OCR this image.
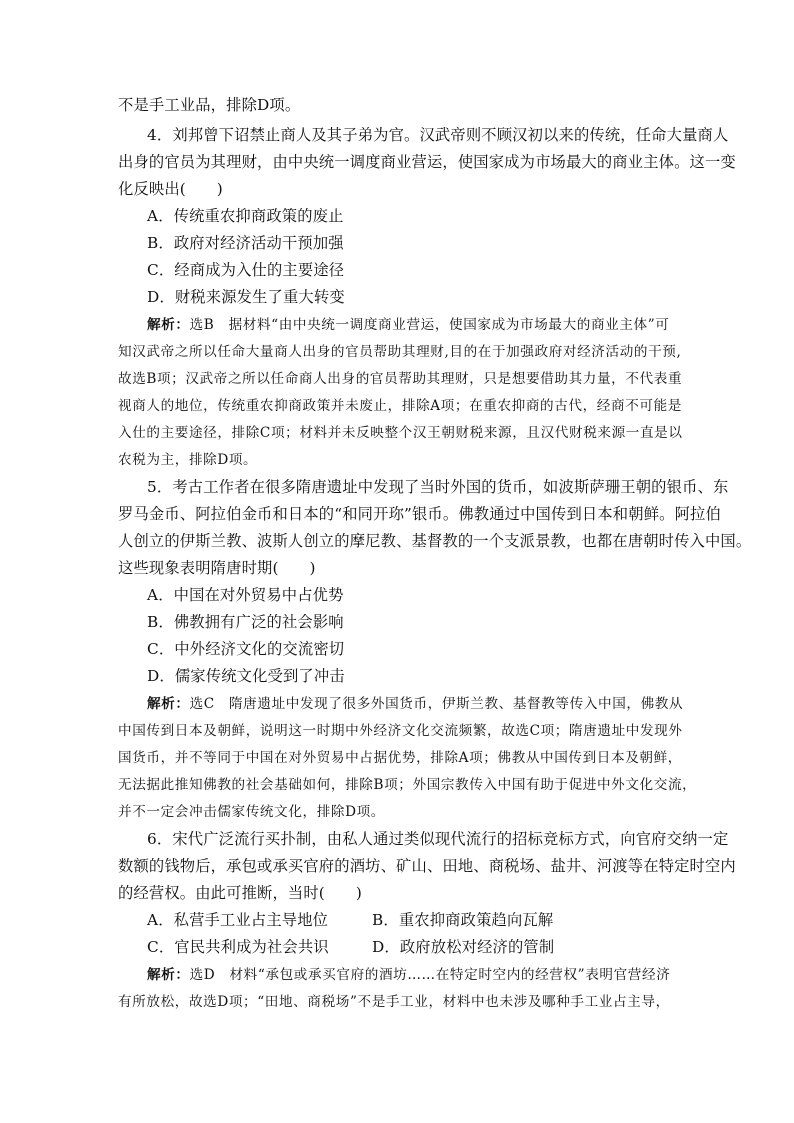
不是手工业品，排除D项。
4．刘邦曾下诏禁止商人及其子弟为官。汉武帝则不顾汉初以来的传统，任命大量商人
出身的官员为其理财，由中央统一调度商业营运，使国家成为市场最大的商业主体。这一变
化反映出(　　)
A．传统重农抑商政策的废止
B．政府对经济活动干预加强
C．经商成为入仕的主要途径
D．财税来源发生了重大转变
解析：选B　据材料“由中央统一调度商业营运，使国家成为市场最大的商业主体”可
知汉武帝之所以任命大量商人出身的官员帮助其理财,目的在于加强政府对经济活动的干预,
故选B项；汉武帝之所以任命商人出身的官员帮助其理财，只是想要借助其力量，不代表重
视商人的地位，传统重农抑商政策并未废止，排除A项；在重农抑商的古代，经商不可能是
入仕的主要途径，排除C项；材料并未反映整个汉王朝财税来源，且汉代财税来源一直是以
农税为主，排除D项。
5．考古工作者在很多隋唐遗址中发现了当时外国的货币，如波斯萨珊王朝的银币、东
罗马金币、阿拉伯金币和日本的“和同开珎”银币。佛教通过中国传到日本和朝鲜。阿拉伯
人创立的伊斯兰教、波斯人创立的摩尼教、基督教的一个支派景教，也都在唐朝时传入中国。
这些现象表明隋唐时期(　　)
A．中国在对外贸易中占优势
B．佛教拥有广泛的社会影响
C．中外经济文化的交流密切
D．儒家传统文化受到了冲击
解析：选C　隋唐遗址中发现了很多外国货币，伊斯兰教、基督教等传入中国，佛教从
中国传到日本及朝鲜，说明这一时期中外经济文化交流频繁，故选C项；隋唐遗址中发现外
国货币，并不等同于中国在对外贸易中占据优势，排除A项；佛教从中国传到日本及朝鲜，
无法据此推知佛教的社会基础如何，排除B项；外国宗教传入中国有助于促进中外文化交流，
并不一定会冲击儒家传统文化，排除D项。
6．宋代广泛流行买扑制，由私人通过类似现代流行的招标竞标方式，向官府交纳一定
数额的钱物后，承包或承买官府的酒坊、矿山、田地、商税场、盐井、河渡等在特定时空内
的经营权。由此可推断，当时(　　)
A．私营手工业占主导地位	B．重农抑商政策趋向瓦解
C．官民共利成为社会共识	D．政府放松对经济的管制
解析：选D　材料“承包或承买官府的酒坊……在特定时空内的经营权”表明官营经济
有所放松，故选D项；“田地、商税场”不是手工业，材料中也未涉及哪种手工业占主导，
